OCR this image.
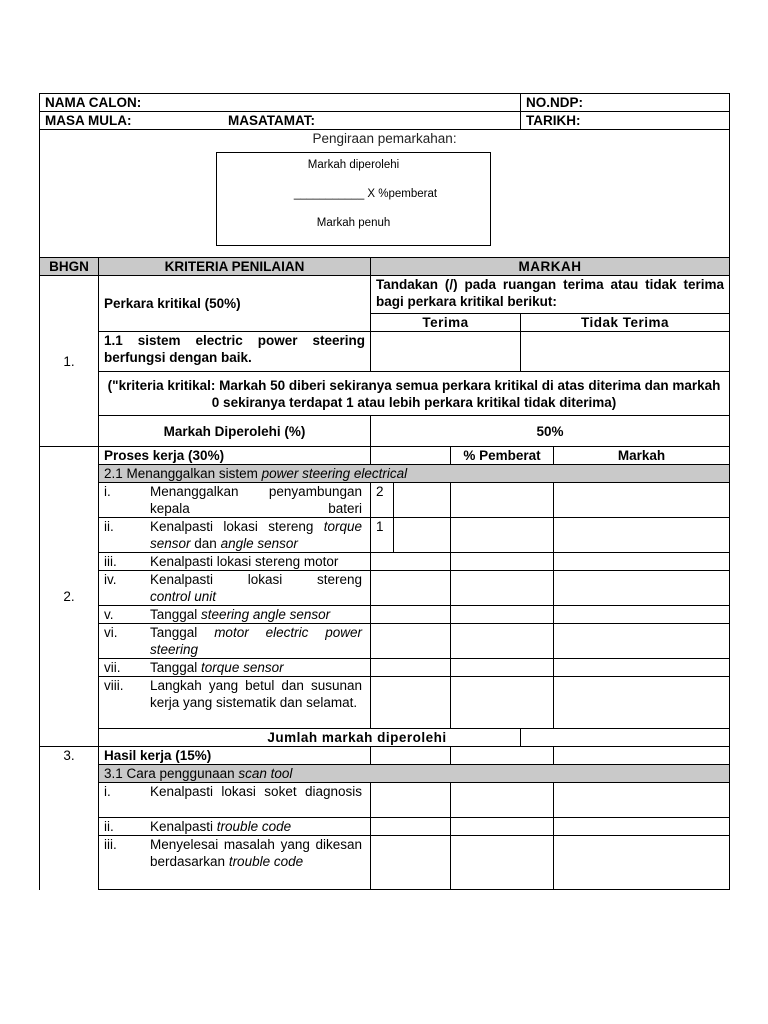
NAMA CALON:					NO.NDP:	
MASA MULA: MASATAMAT:					TARIKH:	

Pengiraan pemarkahan:						

BHGN	KRITERIA PENILAIAN	MARKAH				
1.	Perkara kritikal (50%)	Tandakan (/) pada ruangan terima atau tidak terima bagi perkara kritikal berikut:				
		Terima			Tidak Terima	
	1.1 sistem electric power steering berfungsi dengan baik.					
	("kriteria kritikal: Markah 50 diberi sekiranya semua perkara kritikal di atas diterima dan markah 0 sekiranya terdapat 1 atau lebih perkara kritikal tidak diterima)					
	Markah Diperolehi (%)	50%				
2.	Proses kerja (30%)			% Pemberat		Markah
	2.1 Menanggalkan sistem power steering electrical					
	i. Menanggalkan penyambungan kepala bateri	2				
	ii. Kenalpasti lokasi stereng torque sensor dan angle sensor	1				
	iii. Kenalpasti lokasi stereng motor					
	iv. Kenalpasti lokasi sterengcontrol unit					
	v. Tanggal steering angle sensor					
	vi. Tanggal motor electric power steering					
	vii. Tanggal torque sensor					
	viii. Langkah yang betul dan susunan kerja yang sistematik dan selamat.					
	Jumlah markah diperolehi					
3.	Hasil kerja (15%)					
	3.1 Cara penggunaan scan tool					
	i. Kenalpasti lokasi soket diagnosis					
	ii. Kenalpasti trouble code					
	iii. Menyelesai masalah yang dikesan berdasarkan trouble code					
Markah diperolehi
___________ X %pemberat
Markah penuh
